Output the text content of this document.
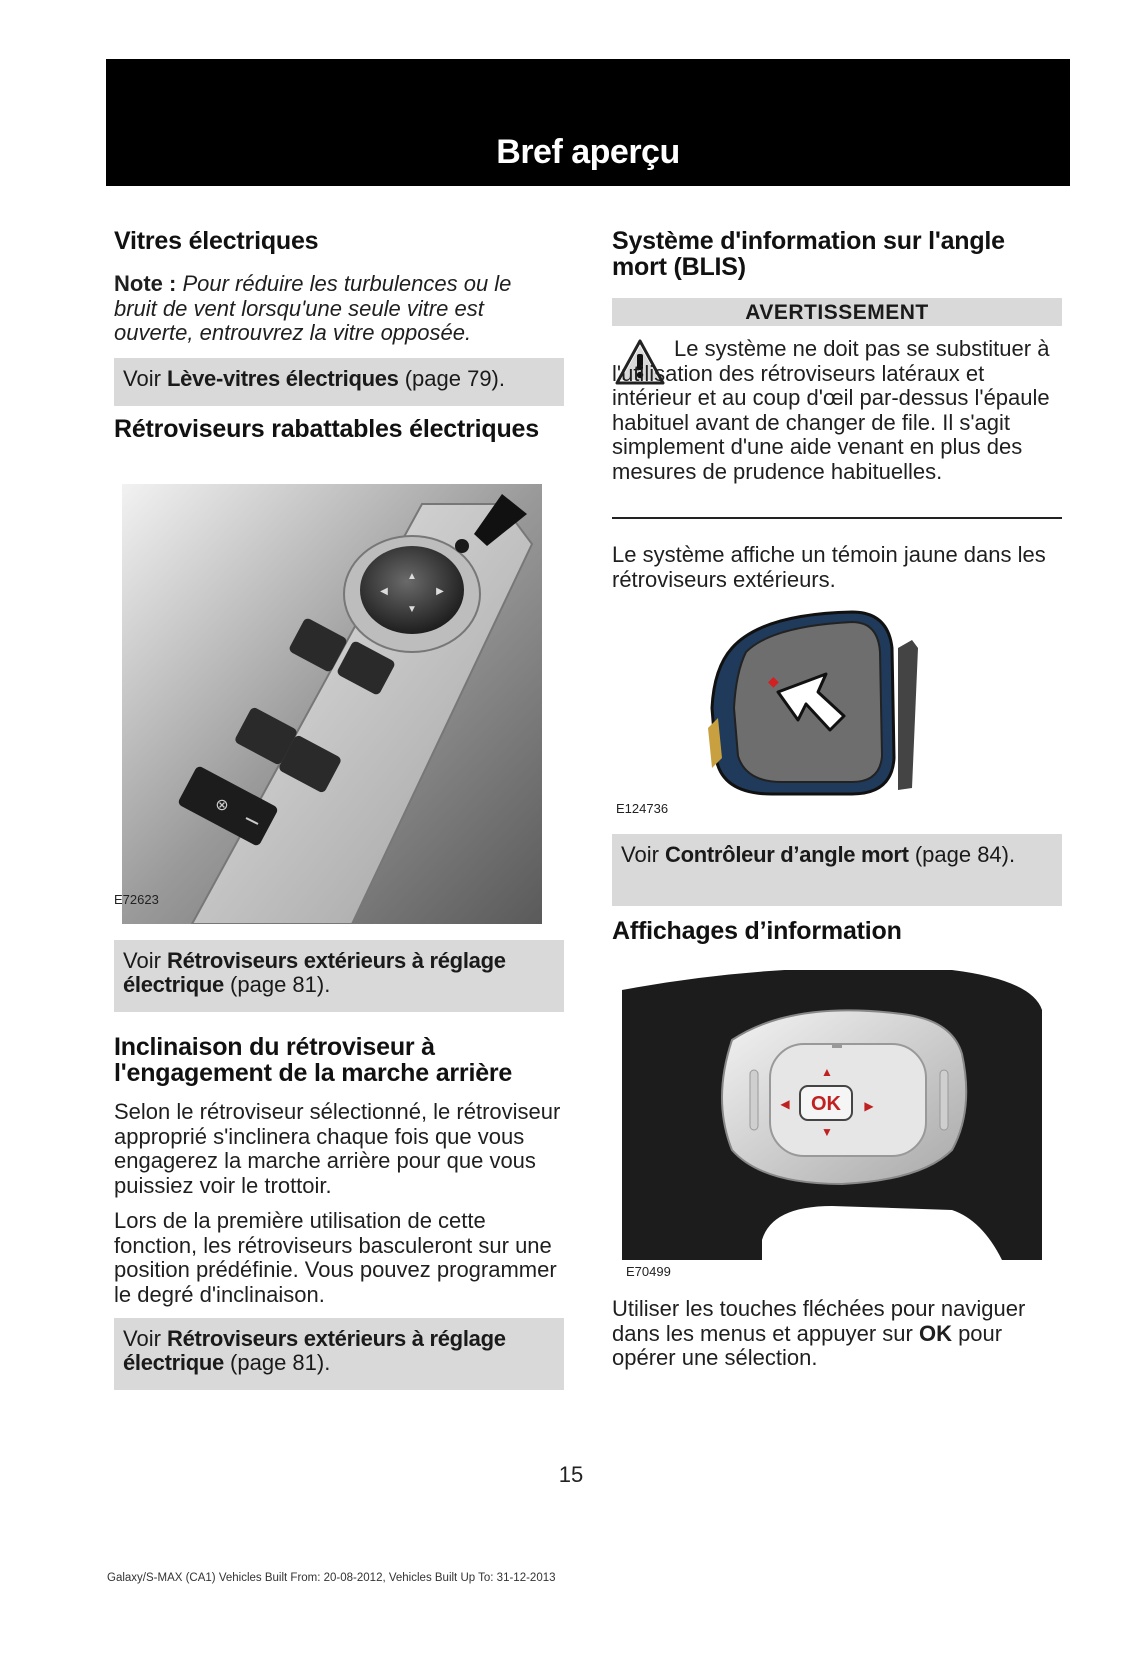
Bref aperçu
Vitres électriques

Note : Pour réduire les turbulences ou le bruit de vent lorsqu'une seule vitre est ouverte, entrouvrez la vitre opposée.

Voir Lève-vitres électriques (page 79).
Rétroviseurs rabattables électriques
▲
▼
◀	▶
⊗
E72623
Voir Rétroviseurs extérieurs à réglage électrique (page 81).
Inclinaison du rétroviseur à l'engagement de la marche arrière

Selon le rétroviseur sélectionné, le rétroviseur approprié s'inclinera chaque fois que vous engagerez la marche arrière pour que vous puissiez voir le trottoir.

Lors de la première utilisation de cette fonction, les rétroviseurs basculeront sur une position prédéfinie. Vous pouvez programmer le degré d'inclinaison.

Voir Rétroviseurs extérieurs à réglage électrique (page 81).
Système d'information sur l'angle mort (BLIS)
AVERTISSEMENT

Le système ne doit pas se substituer à l'utilisation des rétroviseurs latéraux et intérieur et au coup d'œil par-dessus l'épaule habituel avant de changer de file. Il s'agit simplement d'une aide venant en plus des mesures de prudence habituelles.

Le système affiche un témoin jaune dans les rétroviseurs extérieurs.

◆
E124736
Voir Contrôleur d’angle mort (page 84).
Affichages d’information
▬
▲
▼
◀	▶
OK
E70499

Utiliser les touches fléchées pour naviguer dans les menus et appuyer sur OK pour opérer une sélection.

15
Galaxy/S-MAX (CA1) Vehicles Built From: 20-08-2012, Vehicles Built Up To: 31-12-2013
